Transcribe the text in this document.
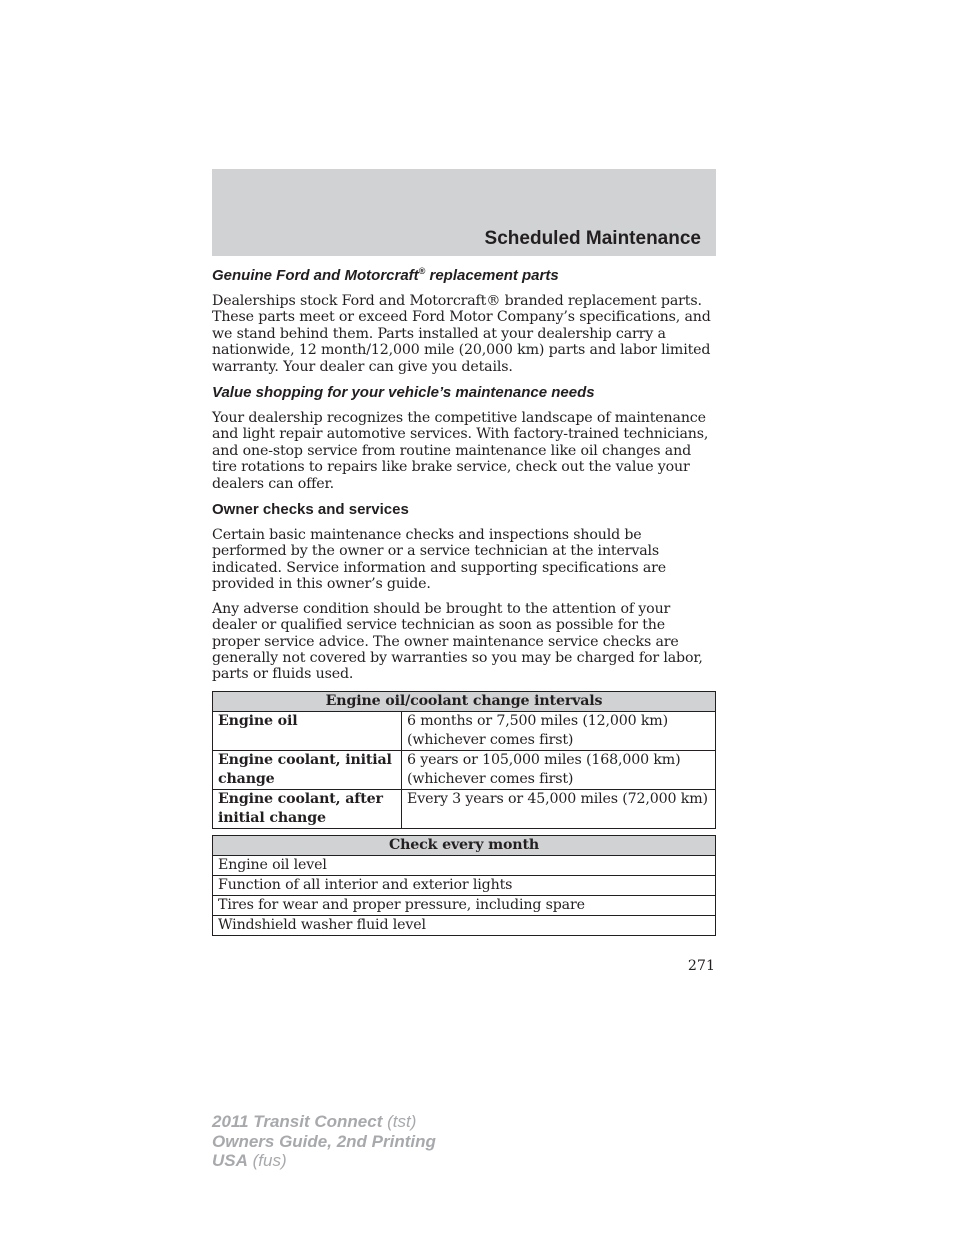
Scheduled Maintenance
Genuine Ford and Motorcraft® replacement parts

Dealerships stock Ford and Motorcraft® branded replacement parts. These parts meet or exceed Ford Motor Company’s specifications, and we stand behind them. Parts installed at your dealership carry a nationwide, 12 month/12,000 mile (20,000 km) parts and labor limited warranty. Your dealer can give you details.

Value shopping for your vehicle’s maintenance needs

Your dealership recognizes the competitive landscape of maintenance and light repair automotive services. With factory-trained technicians, and one-stop service from routine maintenance like oil changes and tire rotations to repairs like brake service, check out the value your dealers can offer.

Owner checks and services

Certain basic maintenance checks and inspections should be performed by the owner or a service technician at the intervals indicated. Service information and supporting specifications are provided in this owner’s guide.

Any adverse condition should be brought to the attention of your dealer or qualified service technician as soon as possible for the proper service advice. The owner maintenance service checks are generally not covered by warranties so you may be charged for labor, parts or fluids used.

Engine oil/coolant change intervals	
Engine oil	6 months or 7,500 miles (12,000 km) (whichever comes first)
Engine coolant, initial change	6 years or 105,000 miles (168,000 km) (whichever comes first)
Engine coolant, after initial change	Every 3 years or 45,000 miles (72,000 km)
Check every month
Engine oil level
Function of all interior and exterior lights
Tires for wear and proper pressure, including spare
Windshield washer fluid level
271
2011 Transit Connect (tst)
Owners Guide, 2nd Printing
USA (fus)
